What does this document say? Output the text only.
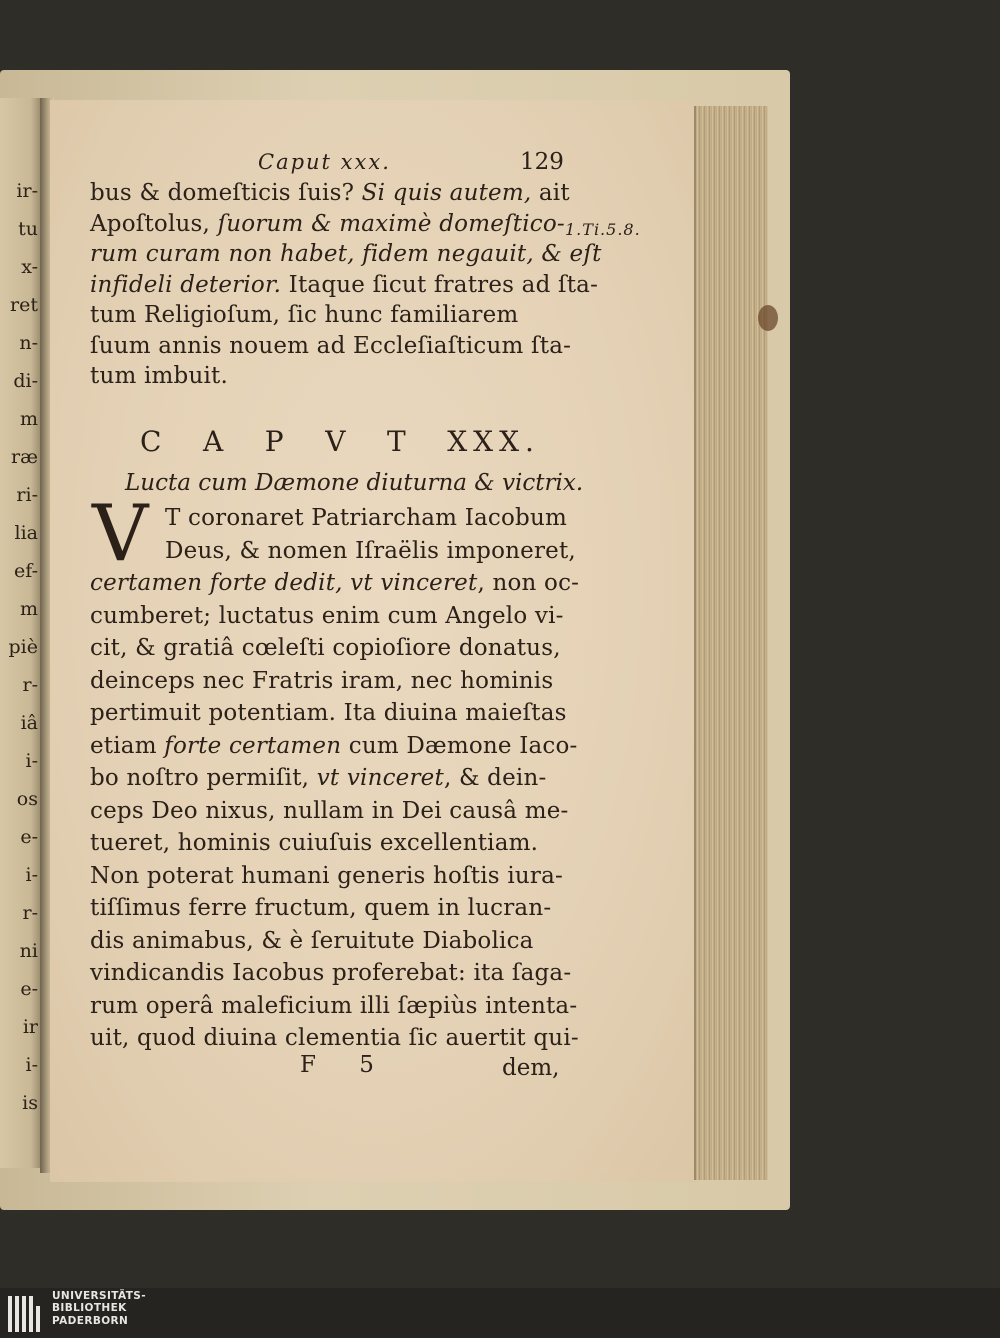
ir-
tu
x-
ret
n-
di-
m
ræ
ri-
lia
ef-
m
piè
r-
iâ
i-
os
e-
i-
r-
ni
e-
ir
i-
is
Caput xxx.	129
1.Ti.5.8.
bus & domeſticis ſuis? Si quis autem, ait
Apoſtolus, ſuorum & maximè domeſtico-
rum curam non habet, fidem negauit, & eſt
infideli deterior. Itaque ſicut fratres ad ſta-
tum Religioſum, ſic hunc familiarem
ſuum annis nouem ad Eccleſiaſticum ſta-
tum imbuit.
C A P V T XXX.
Lucta cum Dæmone diuturna & victrix.
V T coronaret Patriarcham Iacobum
Deus, & nomen Iſraëlis imponeret,
certamen forte dedit, vt vinceret, non oc-
cumberet; luctatus enim cum Angelo vi-
cit, & gratiâ cœleſti copioſiore donatus,
deinceps nec Fratris iram, nec hominis
pertimuit potentiam. Ita diuina maieſtas
etiam forte certamen cum Dæmone Iaco-
bo noſtro permiſit, vt vinceret, & dein-
ceps Deo nixus, nullam in Dei causâ me-
tueret, hominis cuiuſuis excellentiam.
Non poterat humani generis hoſtis iura-
tiſſimus ferre fructum, quem in lucran-
dis animabus, & è ſeruitute Diabolica
vindicandis Iacobus proferebat: ita ſaga-
rum operâ maleficium illi ſæpiùs intenta-
uit, quod diuina clementia ſic auertit qui-
F 5	dem,
UNIVERSITÄTS-
BIBLIOTHEK
PADERBORN
